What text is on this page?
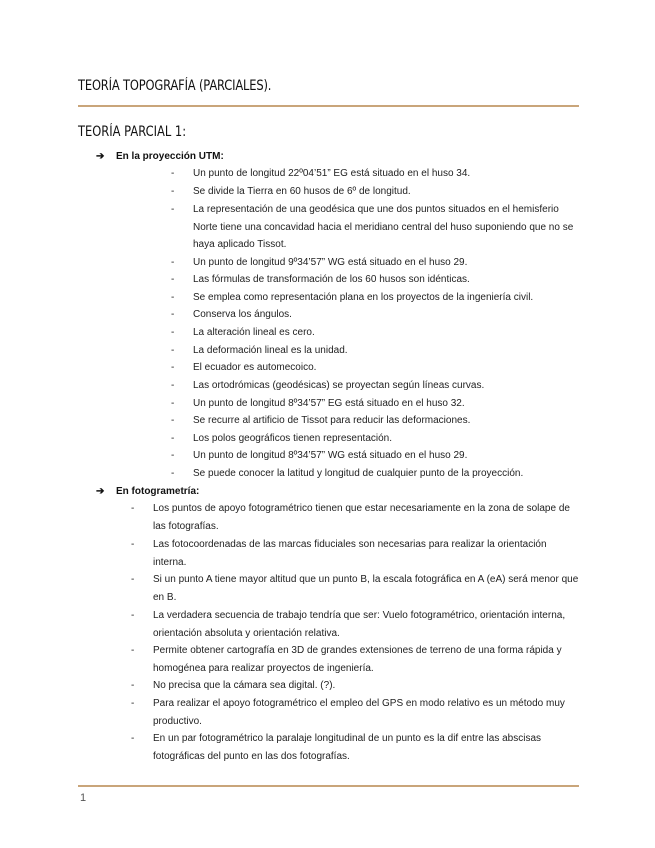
TEORÍA TOPOGRAFÍA (PARCIALES).
TEORÍA PARCIAL 1:
➔ En la proyección UTM:
- Un punto de longitud 22º04’51” EG está situado en el huso 34.
- Se divide la Tierra en 60 husos de 6º de longitud.
- La representación de una geodésica que une dos puntos situados en el hemisferio Norte tiene una concavidad hacia el meridiano central del huso suponiendo que no se haya aplicado Tissot.
- Un punto de longitud 9º34’57” WG está situado en el huso 29.
- Las fórmulas de transformación de los 60 husos son idénticas.
- Se emplea como representación plana en los proyectos de la ingeniería civil.
- Conserva los ángulos.
- La alteración lineal es cero.
- La deformación lineal es la unidad.
- El ecuador es automecoico.
- Las ortodrómicas (geodésicas) se proyectan según líneas curvas.
- Un punto de longitud 8º34’57” EG está situado en el huso 32.
- Se recurre al artificio de Tissot para reducir las deformaciones.
- Los polos geográficos tienen representación.
- Un punto de longitud 8º34’57” WG está situado en el huso 29.
- Se puede conocer la latitud y longitud de cualquier punto de la proyección.
➔ En fotogrametría:
- Los puntos de apoyo fotogramétrico tienen que estar necesariamente en la zona de solape de las fotografías.
- Las fotocoordenadas de las marcas fiduciales son necesarias para realizar la orientación interna.
- Si un punto A tiene mayor altitud que un punto B, la escala fotográfica en A (eA) será menor que en B.
- La verdadera secuencia de trabajo tendría que ser: Vuelo fotogramétrico, orientación interna, orientación absoluta y orientación relativa.
- Permite obtener cartografía en 3D de grandes extensiones de terreno de una forma rápida y homogénea para realizar proyectos de ingeniería.
- No precisa que la cámara sea digital. (?).
- Para realizar el apoyo fotogramétrico el empleo del GPS en modo relativo es un método muy productivo.
- En un par fotogramétrico la paralaje longitudinal de un punto es la dif entre las abscisas fotográficas del punto en las dos fotografías.
1
